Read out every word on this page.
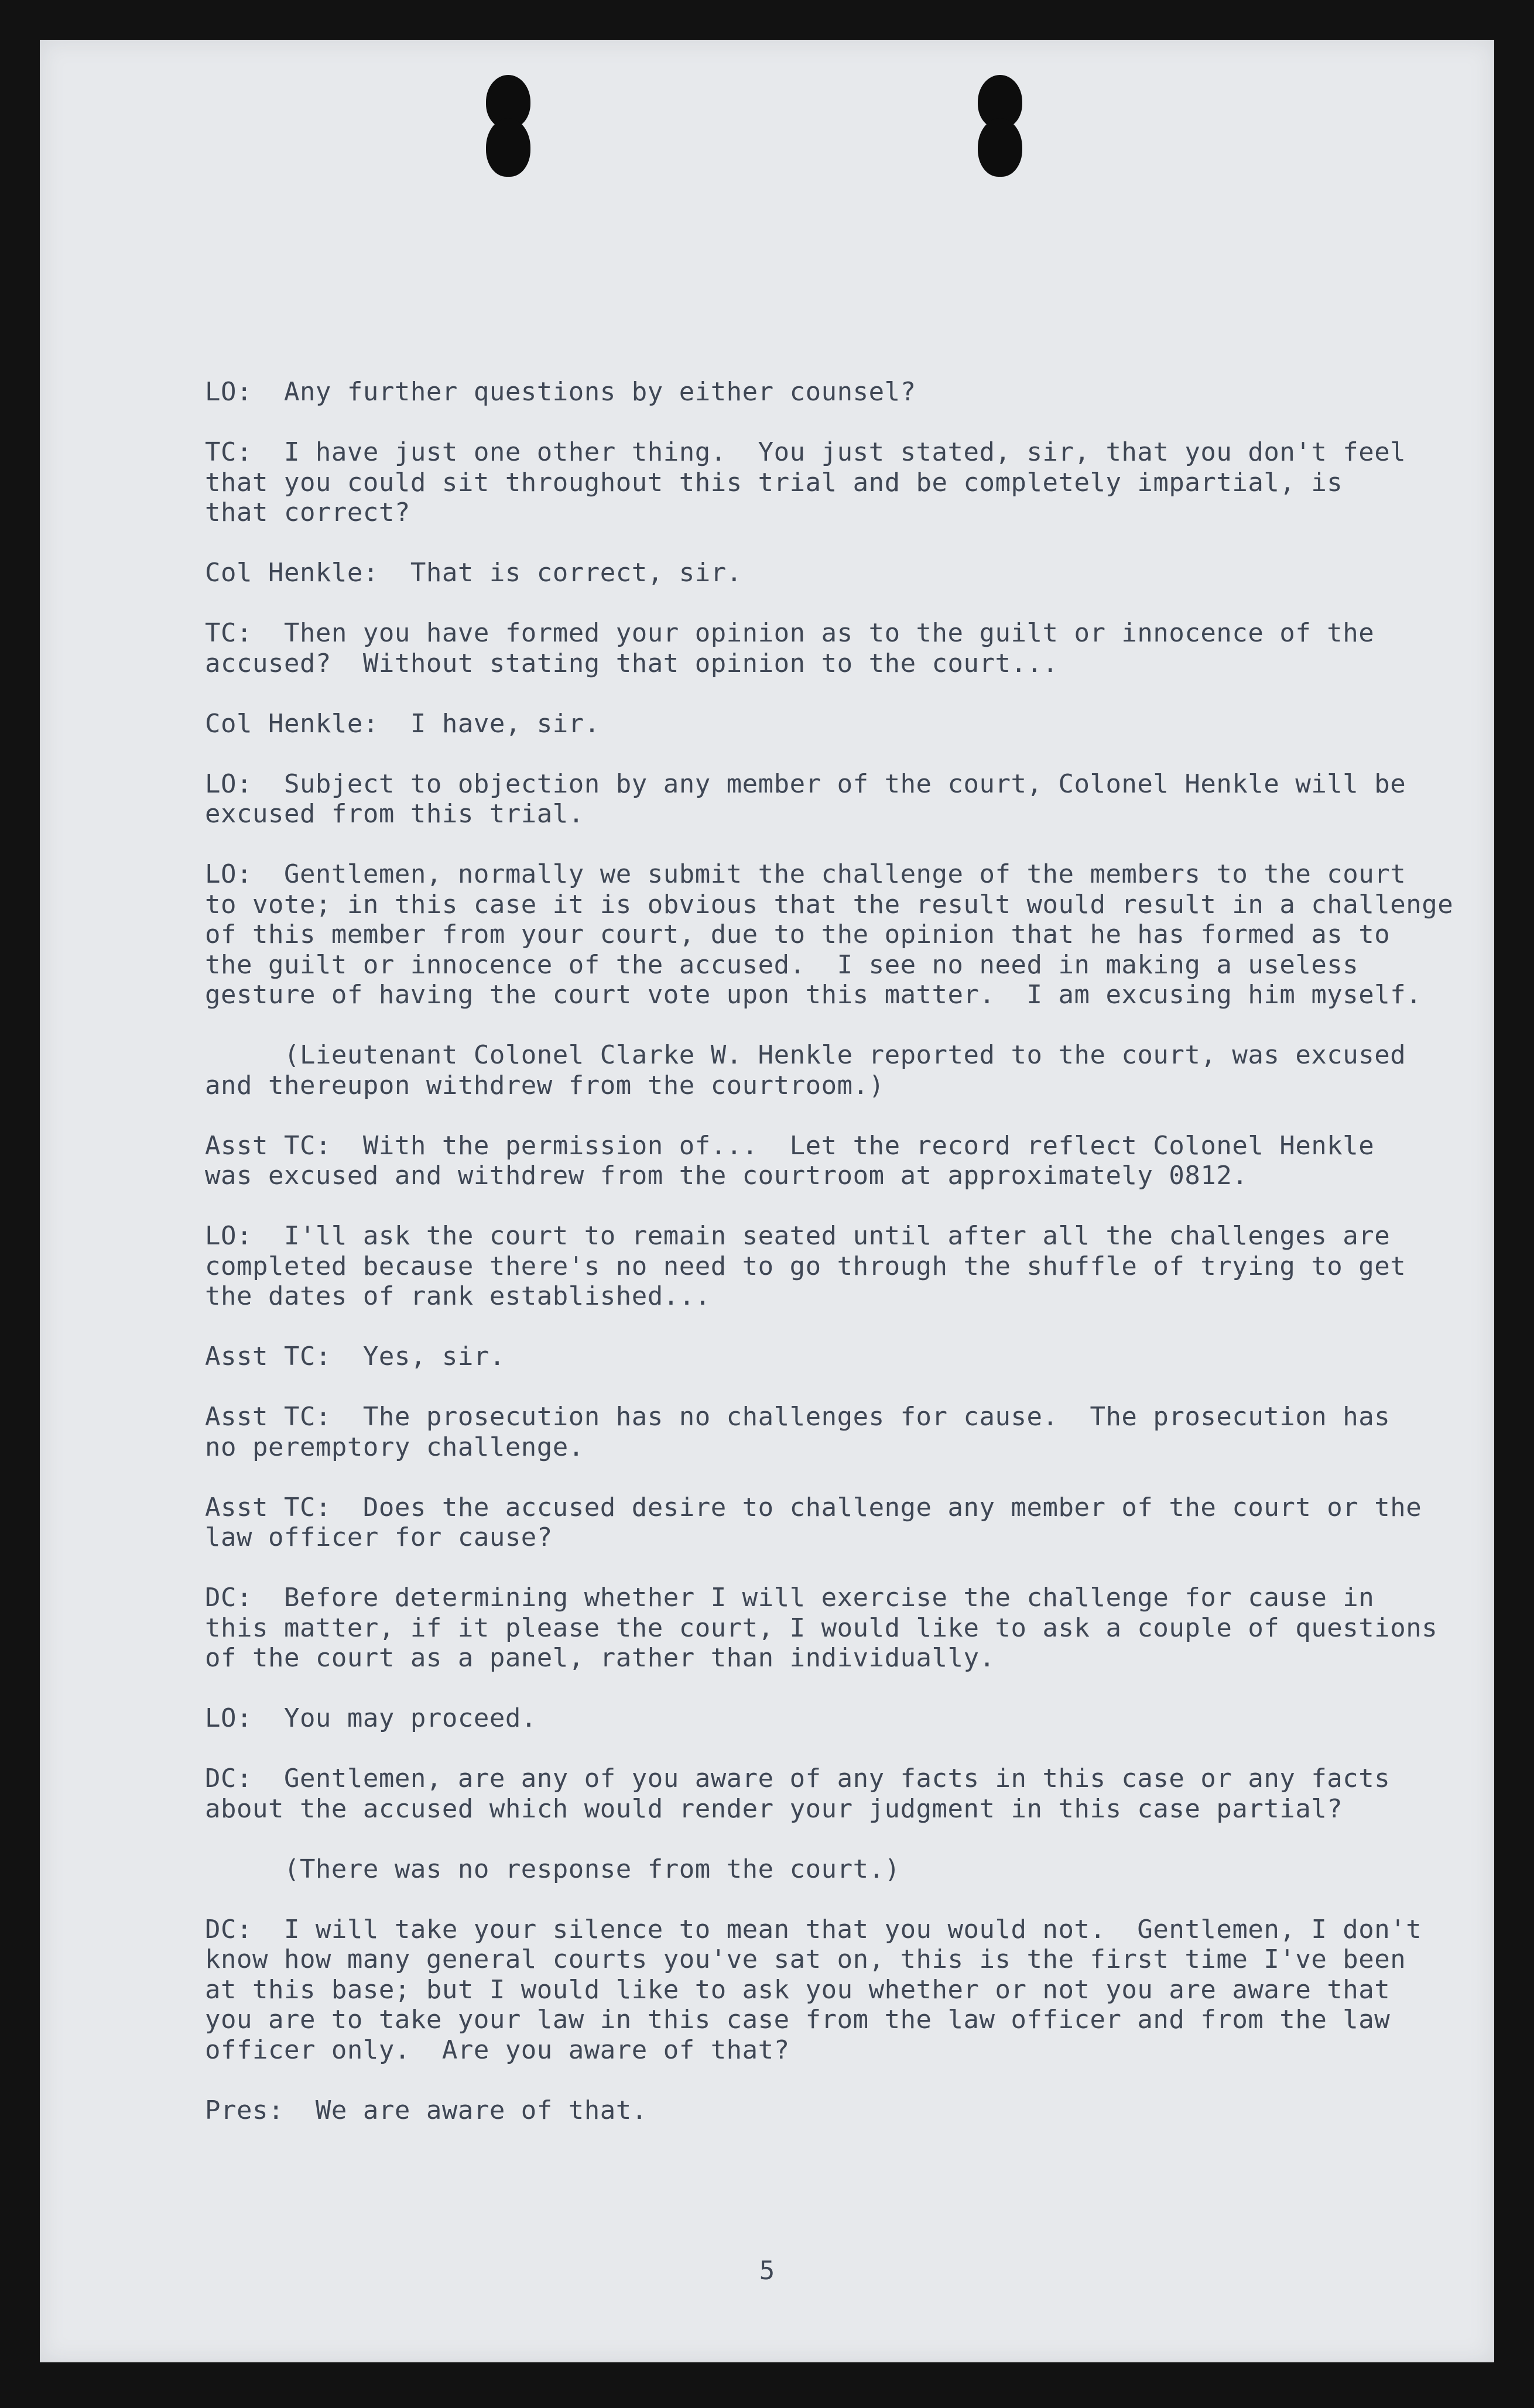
LO:  Any further questions by either counsel?
TC:  I have just one other thing.  You just stated, sir, that you don't feel
that you could sit throughout this trial and be completely impartial, is
that correct?
Col Henkle:  That is correct, sir.
TC:  Then you have formed your opinion as to the guilt or innocence of the
accused?  Without stating that opinion to the court...
Col Henkle:  I have, sir.
LO:  Subject to objection by any member of the court, Colonel Henkle will be
excused from this trial.
LO:  Gentlemen, normally we submit the challenge of the members to the court
to vote; in this case it is obvious that the result would result in a challenge
of this member from your court, due to the opinion that he has formed as to
the guilt or innocence of the accused.  I see no need in making a useless
gesture of having the court vote upon this matter.  I am excusing him myself.
(Lieutenant Colonel Clarke W. Henkle reported to the court, was excused
and thereupon withdrew from the courtroom.)
Asst TC:  With the permission of...  Let the record reflect Colonel Henkle
was excused and withdrew from the courtroom at approximately 0812.
LO:  I'll ask the court to remain seated until after all the challenges are
completed because there's no need to go through the shuffle of trying to get
the dates of rank established...
Asst TC:  Yes, sir.
Asst TC:  The prosecution has no challenges for cause.  The prosecution has
no peremptory challenge.
Asst TC:  Does the accused desire to challenge any member of the court or the
law officer for cause?
DC:  Before determining whether I will exercise the challenge for cause in
this matter, if it please the court, I would like to ask a couple of questions
of the court as a panel, rather than individually.
LO:  You may proceed.
DC:  Gentlemen, are any of you aware of any facts in this case or any facts
about the accused which would render your judgment in this case partial?
(There was no response from the court.)
DC:  I will take your silence to mean that you would not.  Gentlemen, I don't
know how many general courts you've sat on, this is the first time I've been
at this base; but I would like to ask you whether or not you are aware that
you are to take your law in this case from the law officer and from the law
officer only.  Are you aware of that?
Pres:  We are aware of that.
5
